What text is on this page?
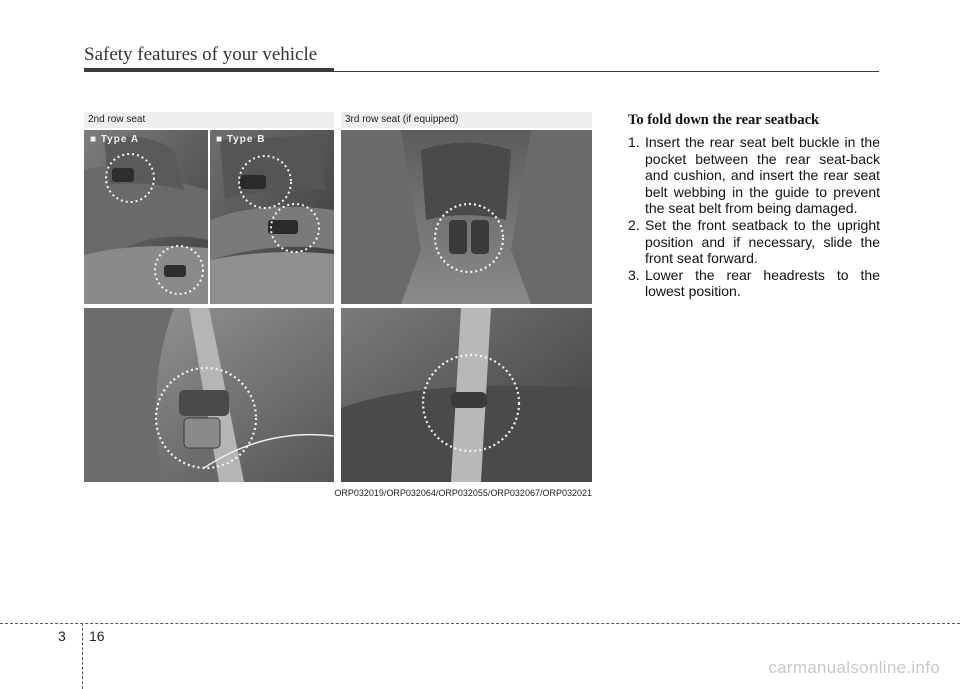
Safety features of your vehicle
2nd row seat	3rd row seat (if equipped)
■ Type A	■ Type B
ORP032019/ORP032064/ORP032055/ORP032067/ORP032021
To fold down the rear seatback
1. Insert the rear seat belt buckle in the pocket between the rear seat-back and cushion, and insert the rear seat belt webbing in the guide to prevent the seat belt from being damaged.
2. Set the front seatback to the upright position and if necessary, slide the front seat forward.
3. Lower the rear headrests to the lowest position.
3 16
carmanualsonline.info
